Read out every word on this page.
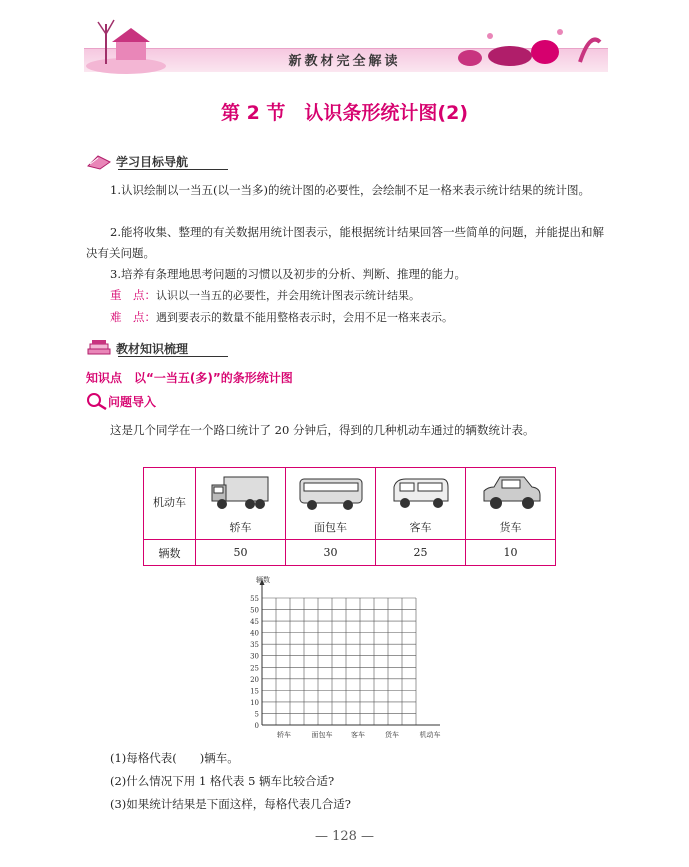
新教材完全解读
第 2 节　认识条形统计图(2)
学习目标导航
1.认识绘制以一当五(以一当多)的统计图的必要性，会绘制不足一格来表示统计结果的统计图。
2.能将收集、整理的有关数据用统计图表示，能根据统计结果回答一些简单的问题，并能提出和解决有关问题。
3.培养有条理地思考问题的习惯以及初步的分析、判断、推理的能力。
重　点：认识以一当五的必要性，并会用统计图表示统计结果。
难　点：遇到要表示的数量不能用整格表示时，会用不足一格来表示。
教材知识梳理
知识点　以“一当五(多)”的条形统计图
问题导入
这是几个同学在一个路口统计了 20 分钟后，得到的几种机动车通过的辆数统计表。
机动车	轿车	面包车	客车	货车
辆数	50	30	25	10
0
5
10
15
20
25
30
35
40
45
50
55
辆数
轿车	面包车	客车	货车	机动车
(1)每格代表(　　)辆车。
(2)什么情况下用 1 格代表 5 辆车比较合适?
(3)如果统计结果是下面这样，每格代表几合适?
— 128 —
